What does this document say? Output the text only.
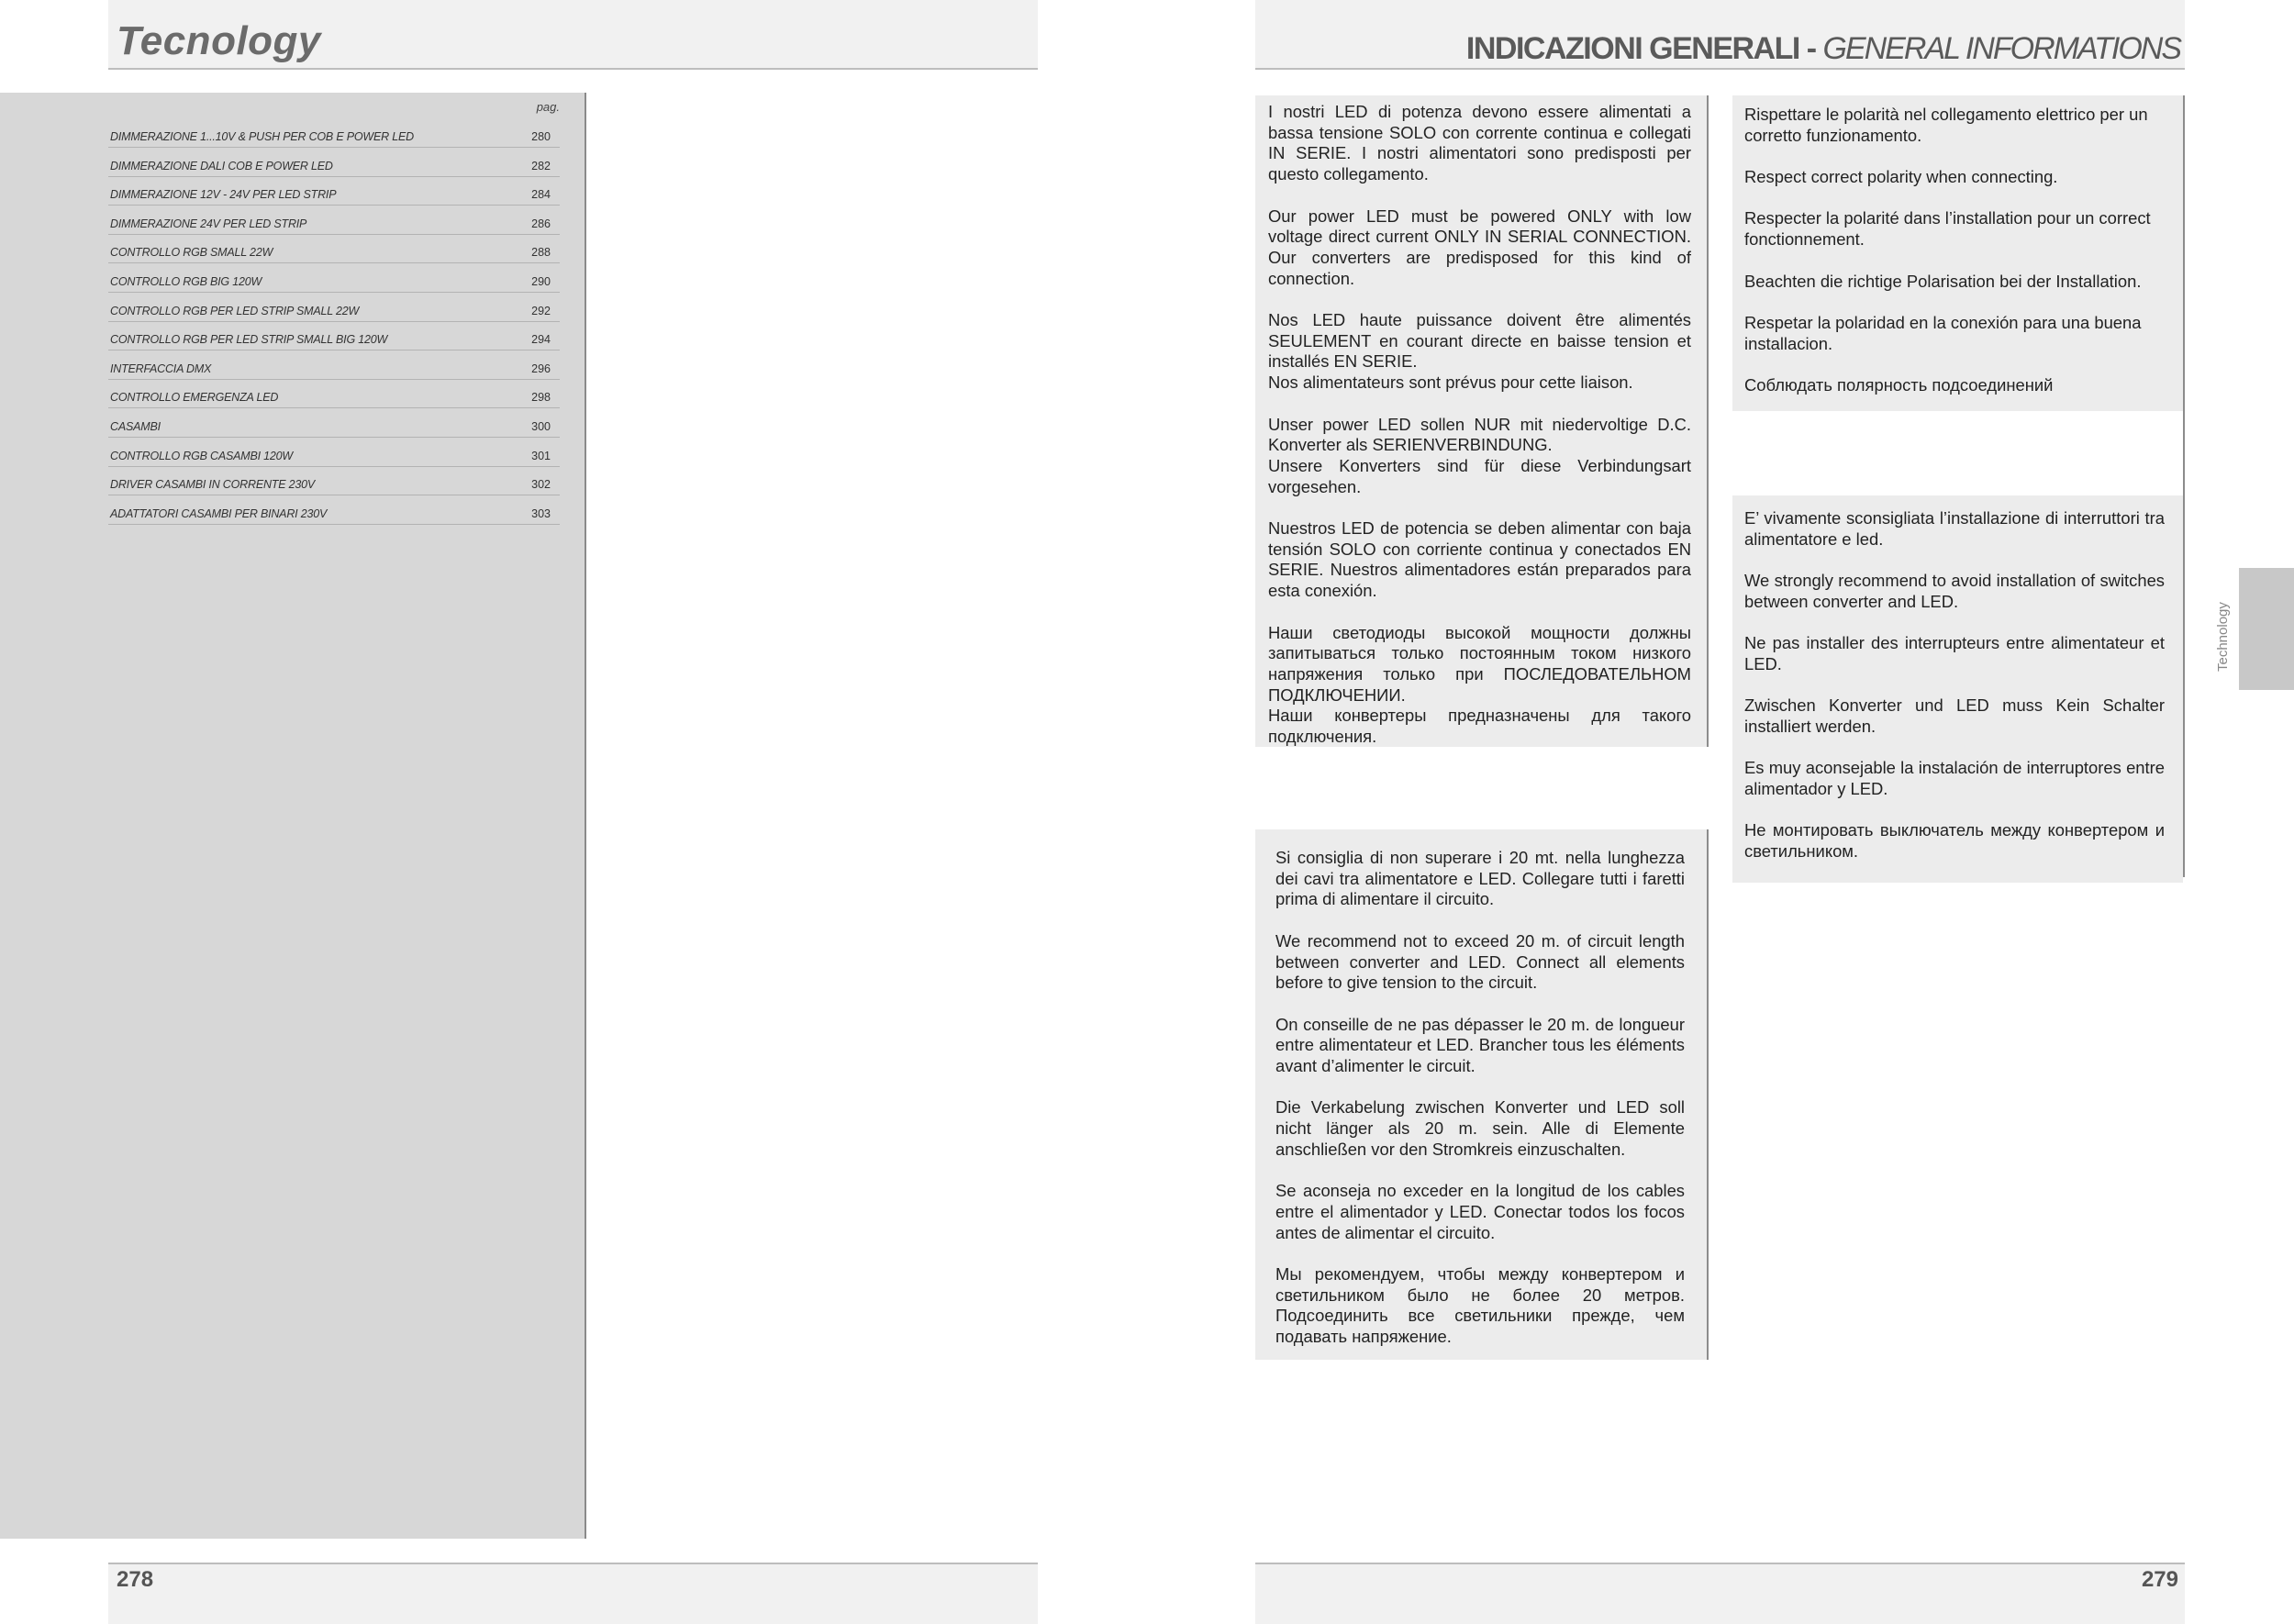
Tecnology
pag.
DIMMERAZIONE 1...10V & PUSH PER COB E POWER LED	280
DIMMERAZIONE DALI COB E POWER LED	282
DIMMERAZIONE 12V - 24V PER LED STRIP	284
DIMMERAZIONE 24V PER LED STRIP	286
CONTROLLO RGB SMALL 22W	288
CONTROLLO RGB BIG 120W	290
CONTROLLO RGB PER LED STRIP SMALL 22W	292
CONTROLLO RGB PER LED STRIP SMALL BIG 120W	294
INTERFACCIA DMX	296
CONTROLLO EMERGENZA LED	298
CASAMBI	300
CONTROLLO RGB CASAMBI 120W	301
DRIVER CASAMBI IN CORRENTE 230V	302
ADATTATORI CASAMBI PER BINARI 230V	303
278
INDICAZIONI GENERALI - GENERAL INFORMATIONS

I nostri LED di potenza devono essere alimentati a bassa tensione SOLO con corrente continua e collegati IN SERIE. I nostri alimentatori sono predisposti per questo collegamento.

Our power LED must be powered ONLY with low voltage direct current ONLY IN SERIAL CONNECTION. Our converters are predisposed for this kind of connection.

Nos LED haute puissance doivent être alimentés SEULEMENT en courant directe en baisse tension et installés EN SERIE.
Nos alimentateurs sont prévus pour cette liaison.

Unser power LED sollen NUR mit niedervoltige D.C. Konverter als SERIENVERBINDUNG.
Unsere Konverters sind für diese Verbindungsart vorgesehen.

Nuestros LED de potencia se deben alimentar con baja tensión SOLO con corriente continua y conectados EN SERIE. Nuestros alimentadores están preparados para esta conexión.

Наши светодиоды высокой мощности должны запитываться только постоянным током низкого напряжения только при ПОСЛЕДОВАТЕЛЬНОМ ПОДКЛЮЧЕНИИ.
Наши конвертеры предназначены для такого подключения.

Si consiglia di non superare i 20 mt. nella lunghezza dei cavi tra alimentatore e LED. Collegare tutti i faretti prima di alimentare il circuito.

We recommend not to exceed 20 m. of circuit length between converter and LED. Connect all elements before to give tension to the circuit.

On conseille de ne pas dépasser le 20 m. de longueur entre alimentateur et LED. Brancher tous les éléments avant d’alimenter le circuit.

Die Verkabelung zwischen Konverter und LED soll nicht länger als 20 m. sein. Alle di Elemente anschließen vor den Stromkreis einzuschalten.

Se aconseja no exceder en la longitud de los cables entre el alimentador y LED. Conectar todos los focos antes de alimentar el circuito.

Мы рекомендуем, чтобы между конвертером и светильником было не более 20 метров. Подсоединить все светильники прежде, чем подавать напряжение.

Rispettare le polarità nel collegamento elettrico per un corretto funzionamento.

Respect correct polarity when connecting.

Respecter la polarité dans l’installation pour un correct fonctionnement.

Beachten die richtige Polarisation bei der Installation.

Respetar la polaridad en la conexión para una buena installacion.

Соблюдать полярность подсоединений

E’ vivamente sconsigliata l’installazione di interruttori tra alimentatore e led.

We strongly recommend to avoid installation of switches between converter and LED.

Ne pas installer des interrupteurs entre alimentateur et LED.

Zwischen Konverter und LED muss Kein Schalter installiert werden.

Es muy aconsejable la instalación de interruptores entre alimentador y LED.

Не монтировать выключатель между конвертером и светильником.

Technology
279
